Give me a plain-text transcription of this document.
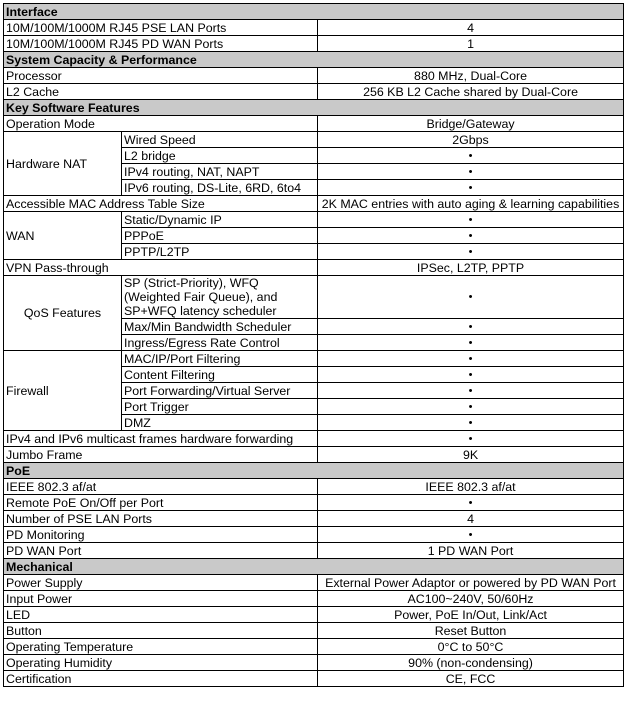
Interface		
10M/100M/1000M RJ45 PSE LAN Ports		4
10M/100M/1000M RJ45 PD WAN Ports		1
System Capacity & Performance		
Processor		880 MHz, Dual-Core
L2 Cache		256 KB L2 Cache shared by Dual-Core
Key Software Features		
Operation Mode		Bridge/Gateway
Hardware NAT	Wired Speed	2Gbps
	L2 bridge	•
	IPv4 routing, NAT, NAPT	•
	IPv6 routing, DS-Lite, 6RD, 6to4	•
Accessible MAC Address Table Size		2K MAC entries with auto aging & learning capabilities
WAN	Static/Dynamic IP	•
	PPPoE	•
	PPTP/L2TP	•
VPN Pass-through		IPSec, L2TP, PPTP
QoS Features	SP (Strict-Priority), WFQ (Weighted Fair Queue), and SP+WFQ latency scheduler	•
	Max/Min Bandwidth Scheduler	•
	Ingress/Egress Rate Control	•
Firewall	MAC/IP/Port Filtering	•
	Content Filtering	•
	Port Forwarding/Virtual Server	•
	Port Trigger	•
	DMZ	•
IPv4 and IPv6 multicast frames hardware forwarding		•
Jumbo Frame		9K
PoE		
IEEE 802.3 af/at		IEEE 802.3 af/at
Remote PoE On/Off per Port		•
Number of PSE LAN Ports		4
PD Monitoring		•
PD WAN Port		1 PD WAN Port
Mechanical		
Power Supply		External Power Adaptor or powered by PD WAN Port
Input Power		AC100~240V, 50/60Hz
LED		Power, PoE In/Out, Link/Act
Button		Reset Button
Operating Temperature		0°C to 50°C
Operating Humidity		90% (non-condensing)
Certification		CE, FCC
